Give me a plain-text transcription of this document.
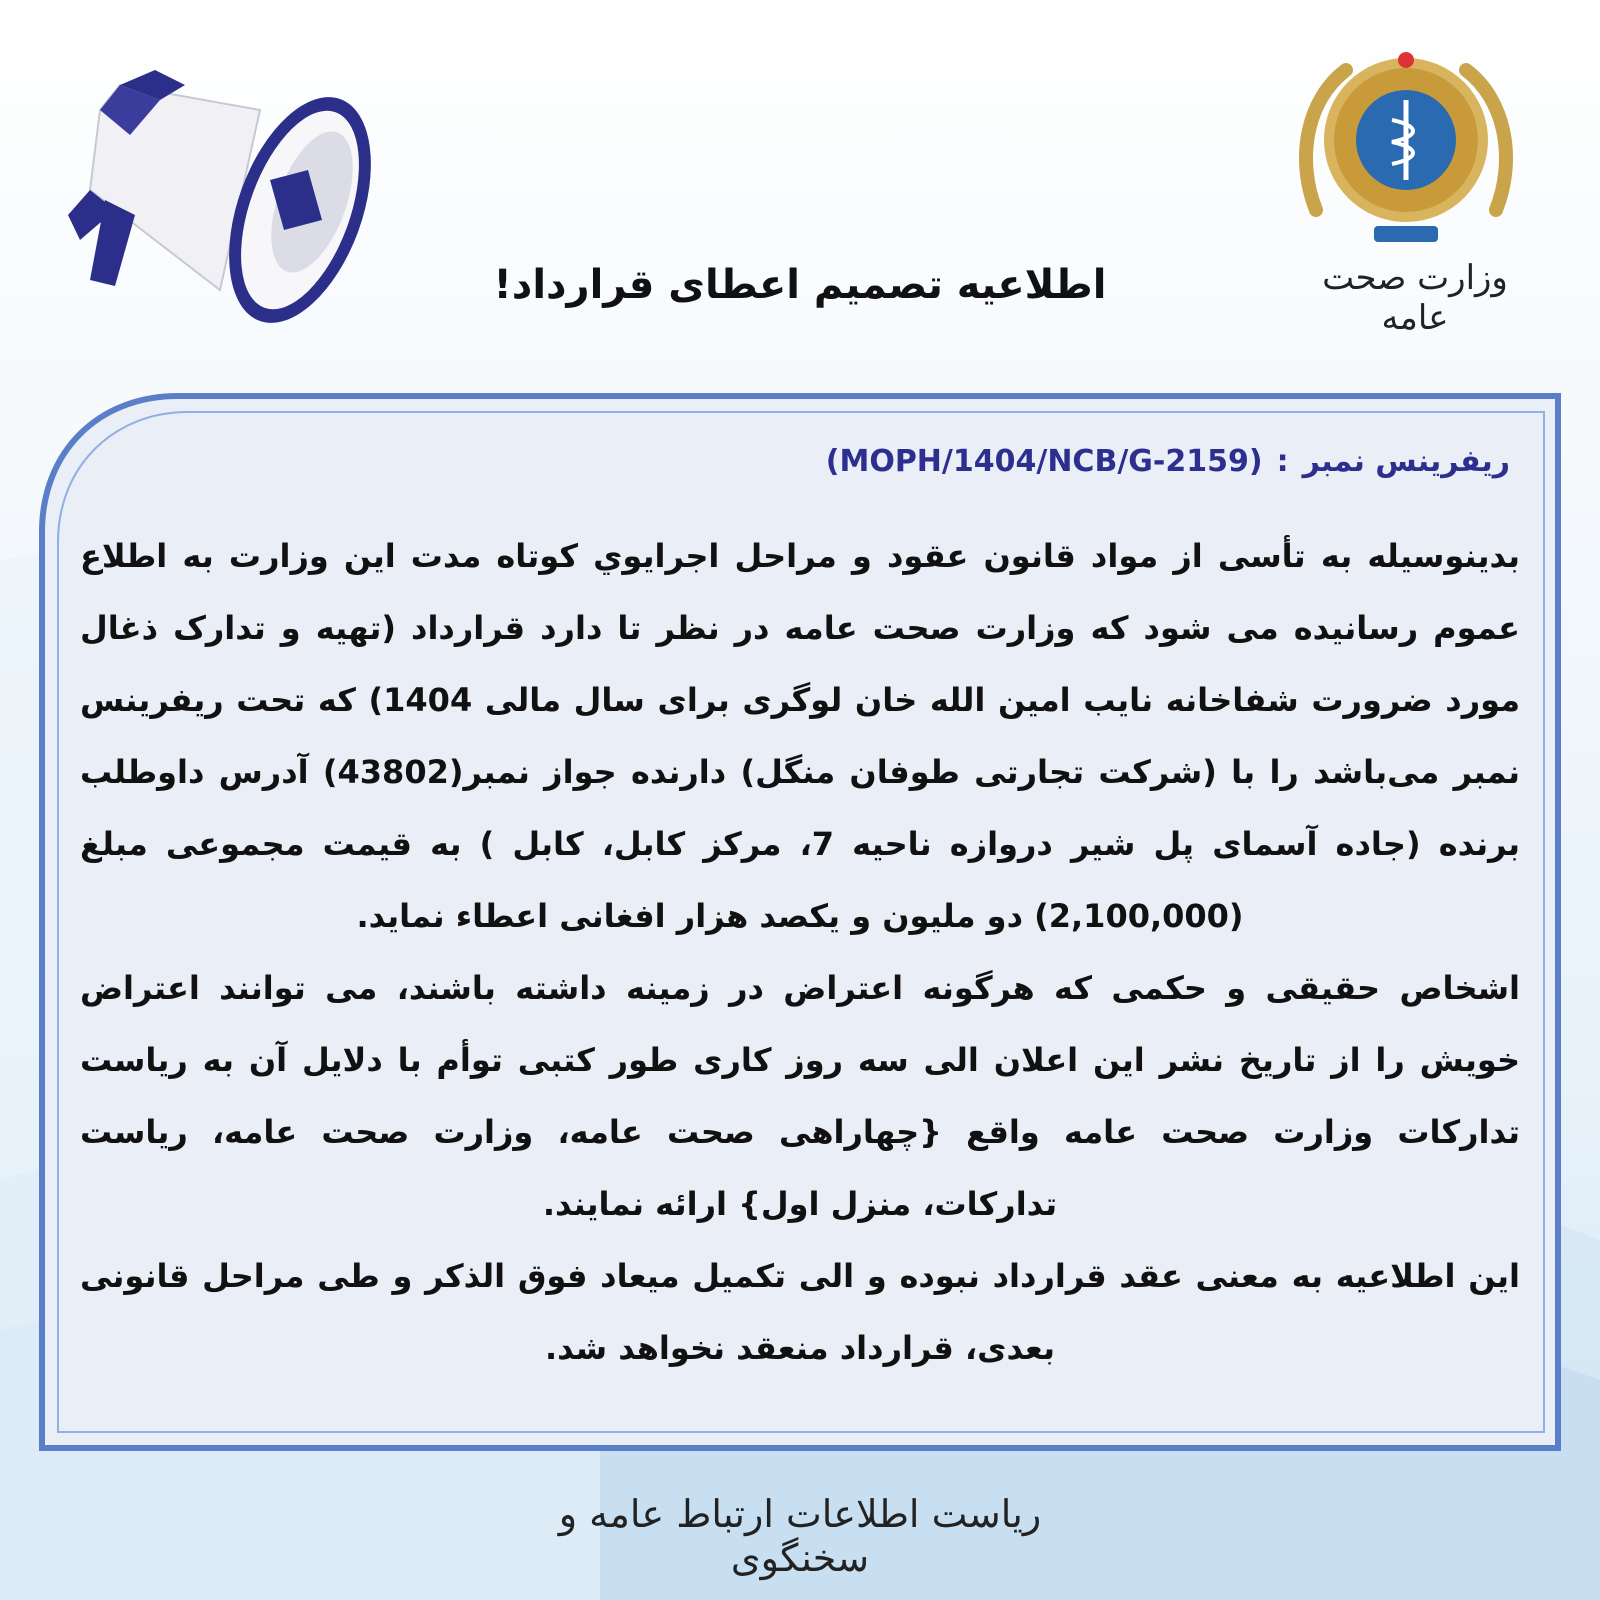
وزارت صحت عامه
اطلاعیه تصمیم اعطای قرارداد!
ریفرینس نمبر:(MOPH/1404/NCB/G-2159)

بدینوسیله به تأسی از مواد قانون عقود و مراحل اجرایوي کوتاه مدت این وزارت به اطلاع عموم رسانیده می شود که وزارت صحت عامه در نظر تا دارد قرارداد (تهیه و تدارک ذغال مورد ضرورت شفاخانه نایب امین الله خان لوگری برای سال مالی 1404) که تحت ریفرینس نمبر می‌باشد را با (شرکت تجارتی طوفان منگل) دارنده جواز نمبر(43802) آدرس داوطلب برنده (جاده آسمای پل شیر دروازه ناحیه 7، مرکز کابل، کابل ) به قیمت مجموعی مبلغ (2,100,000) دو ملیون و یکصد هزار افغانی اعطاء نماید.

اشخاص حقیقی و حکمی که هرگونه اعتراض در زمینه داشته باشند، می توانند اعتراض خویش را از تاریخ نشر این اعلان الی سه روز کاری طور کتبی توأم با دلایل آن به ریاست تدارکات وزارت صحت عامه واقع {چهاراهی صحت عامه، وزارت صحت عامه، ریاست تدارکات، منزل اول} ارائه نمایند.

این اطلاعیه به معنی عقد قرارداد نبوده و الی تکمیل میعاد فوق الذکر و طی مراحل قانونی بعدی، قرارداد منعقد نخواهد شد.

ریاست اطلاعات ارتباط عامه و سخنگوی
